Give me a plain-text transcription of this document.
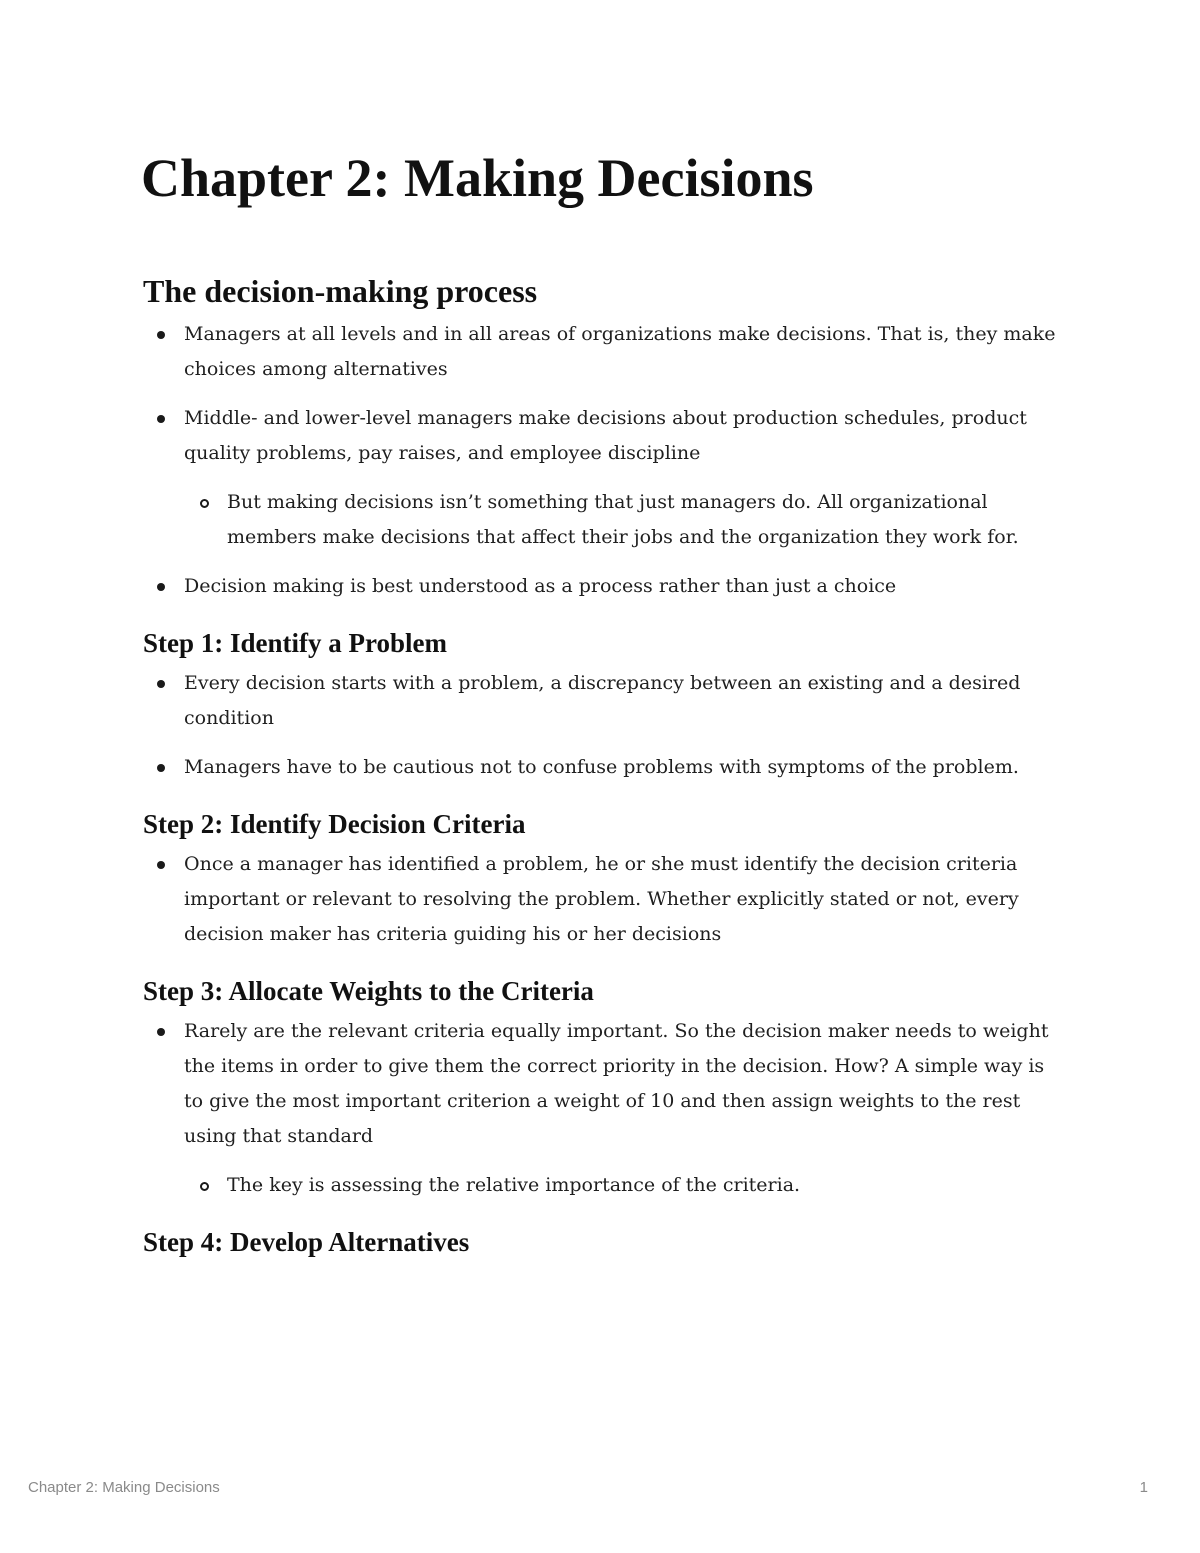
Chapter 2: Making Decisions
The decision-making process
Managers at all levels and in all areas of organizations make decisions. That is, they make choices among alternatives
Middle- and lower-level managers make decisions about production schedules, product quality problems, pay raises, and employee discipline
But making decisions isn’t something that just managers do. All organizational members make decisions that affect their jobs and the organization they work for.
Decision making is best understood as a process rather than just a choice
Step 1: Identify a Problem
Every decision starts with a problem, a discrepancy between an existing and a desired condition
Managers have to be cautious not to confuse problems with symptoms of the problem.
Step 2: Identify Decision Criteria
Once a manager has identified a problem, he or she must identify the decision criteria important or relevant to resolving the problem. Whether explicitly stated or not, every decision maker has criteria guiding his or her decisions
Step 3: Allocate Weights to the Criteria
Rarely are the relevant criteria equally important. So the decision maker needs to weight the items in order to give them the correct priority in the decision. How? A simple way is to give the most important criterion a weight of 10 and then assign weights to the rest using that standard
The key is assessing the relative importance of the criteria.
Step 4: Develop Alternatives
Chapter 2: Making Decisions	1
